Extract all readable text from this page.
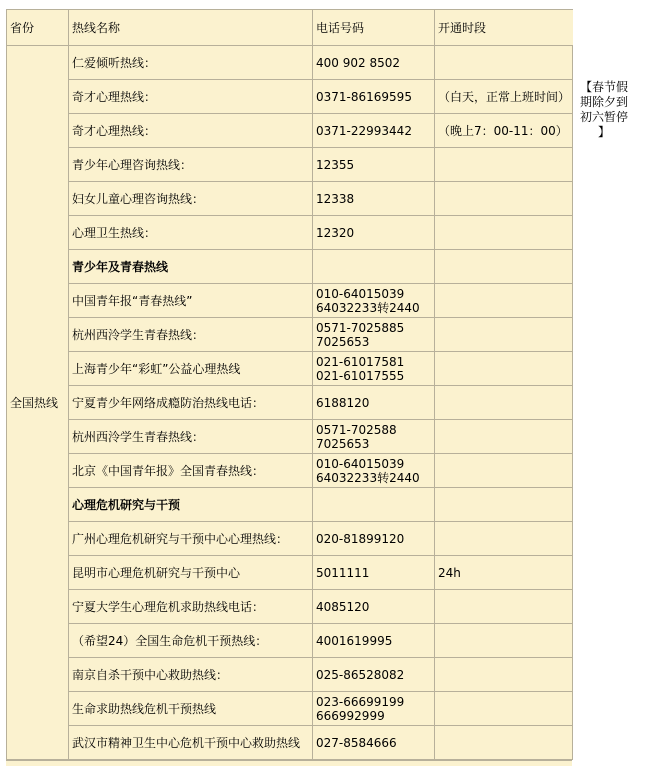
省份	热线名称	电话号码	开通时段
全国热线	仁爱倾听热线：	400 902 8502	
	奇才心理热线：	0371-86169595	（白天，正常上班时间）
	奇才心理热线：	0371-22993442	（晚上7：00-11：00）
	青少年心理咨询热线：	12355	
	妇女儿童心理咨询热线：	12338	
	心理卫生热线：	12320	
	青少年及青春热线		
	中国青年报“青春热线”	010-64015039
64032233转2440	
	杭州西泠学生青春热线：	0571-7025885
7025653	
	上海青少年“彩虹”公益心理热线	021-61017581
021-61017555	
	宁夏青少年网络成瘾防治热线电话：	6188120	
	杭州西泠学生青春热线：	0571-702588
7025653	
	北京《中国青年报》全国青春热线：	010-64015039
64032233转2440	
	心理危机研究与干预		
	广州心理危机研究与干预中心心理热线：	020-81899120	
	昆明市心理危机研究与干预中心	5011111	24h
	宁夏大学生心理危机求助热线电话：	4085120	
	（希望24）全国生命危机干预热线：	4001619995	
	南京自杀干预中心救助热线：	025-86528082	
	生命求助热线危机干预热线	023-66699199
666992999	
	武汉市精神卫生中心危机干预中心救助热线	027-8584666	
【春节假
期除夕到
初六暂停
】
